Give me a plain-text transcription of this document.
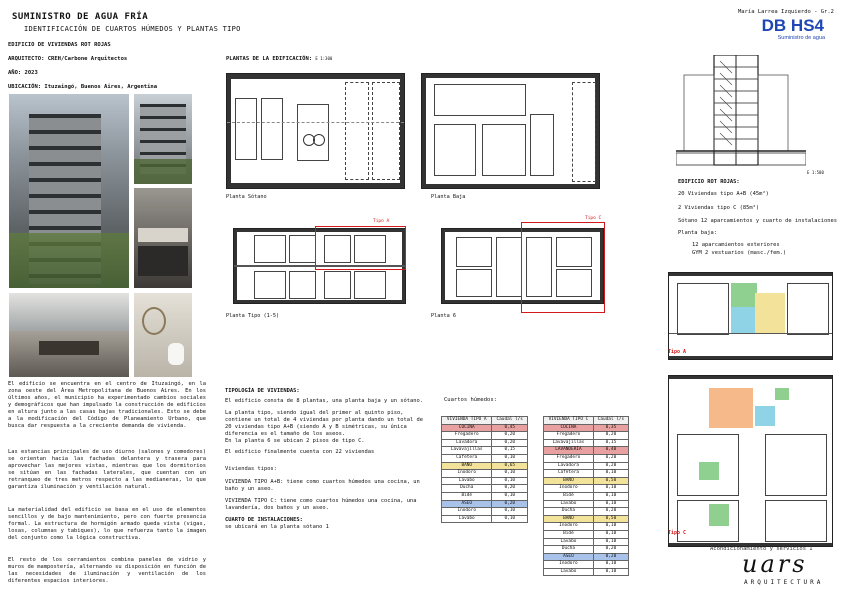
SUMINISTRO DE AGUA FRÍA
IDENTIFICACIÓN DE CUARTOS HÚMEDOS Y PLANTAS TIPO
María Larrea Izquierdo - Gr.2
DB HS4
Suministro de agua
EDIFICIO DE VIVIENDAS ROT ROJAS
ARQUITECTO: CREH/Carbone Arquitectos
AÑO: 2023
UBICACIÓN: Ituzaingó, Buenos Aires, Argentina
El edificio se encuentra en el centro de Ituzaingó, en la zona oeste del Área Metropolitana de Buenos Aires. En los últimos años, el municipio ha experimentado cambios sociales y demográficos que han impulsado la construcción de edificios en altura junto a las casas bajas tradicionales. Esto se debe a la modificación del Código de Planeamiento Urbano, que busca dar respuesta a la creciente demanda de vivienda.
Las estancias principales de uso diurno (salones y comedores) se orientan hacia las fachadas delantera y trasera para aprovechar las mejores vistas, mientras que los dormitorios se sitúan en las fachadas laterales, que cuentan con un retranqueo de tres metros respecto a las medianeras, lo que garantiza iluminación y ventilación natural.
La materialidad del edificio se basa en el uso de elementos sencillos y de bajo mantenimiento, pero con fuerte presencia formal. La estructura de hormigón armado queda vista (vigas, losas, columnas y tabiques), lo que refuerza tanto la imagen del conjunto como la lógica constructiva.
El resto de los cerramientos combina paneles de vidrio y muros de mampostería, alternando su disposición en función de las necesidades de iluminación y ventilación de los diferentes espacios interiores.
PLANTAS DE LA EDIFICACIÓN: E 1:300
Planta Sótano	Planta Baja
Tipo A
Planta Tipo (1-5)
Tipo C
Planta 6
TIPOLOGÍA DE VIVIENDAS:
El edificio consta de 8 plantas, una planta baja y un sótano.
La planta tipo, siendo igual del primer al quinto piso, contiene un total de 4 viviendas por planta dando un total de 20 viviendas tipo A+B (siendo A y B simétricas, su única diferencia es el tamaño de los aseos.
En la planta 6 se ubican 2 pisos de tipo C.
El edificio finalmente cuenta con 22 viviendas
Viviendas tipos:
VIVIENDA TIPO A+B: tiene como cuartos húmedos una cocina, un baño y un aseo.
VIVIENDA TIPO C: tiene como cuartos húmedos una cocina, una lavandería, dos baños y un aseo.
CUARTO DE INSTALACIONES:
se ubicará en la planta sótano 1
Cuartos húmedos:
VIVIENDA TIPO A	Caudal l/s
COCINA	0,45
Fregadero	0,20
Lavadora	0,20
Lavavajillas	0,15
Cafetera	0,10
BAÑO	0,65
Inodoro	0,10
Lavabo	0,10
Ducha	0,20
Bidé	0,10
ASEO	0,20
Inodoro	0,10
Lavabo	0,10
VIVIENDA TIPO C	Caudal l/s
COCINA	0,35
Fregadero	0,20
Lavavajillas	0,15
LAVANDERÍA	0,40
Fregadero	0,20
Lavadora	0,20
Cafetera	0,10
BAÑO	0,50
Inodoro	0,10
Bidé	0,10
Lavabo	0,10
Ducha	0,20
BAÑO	0,50
Inodoro	0,10
Bidé	0,10
Lavabo	0,10
Ducha	0,20
ASEO	0,20
Inodoro	0,10
Lavabo	0,10
E 1:500
EDIFICIO ROT ROJAS:
20 Viviendas tipo A+B (45m²)
2 Viviendas tipo C (85m²)
Sótano 12 aparcamientos y cuarto de instalaciones
Planta baja:
12 aparcamientos exteriores
GYM 2 vestuarios (masc./fem.)
Tipo A
Tipo C
Acondicionamiento y servicios I
uars
ARQUITECTURA
